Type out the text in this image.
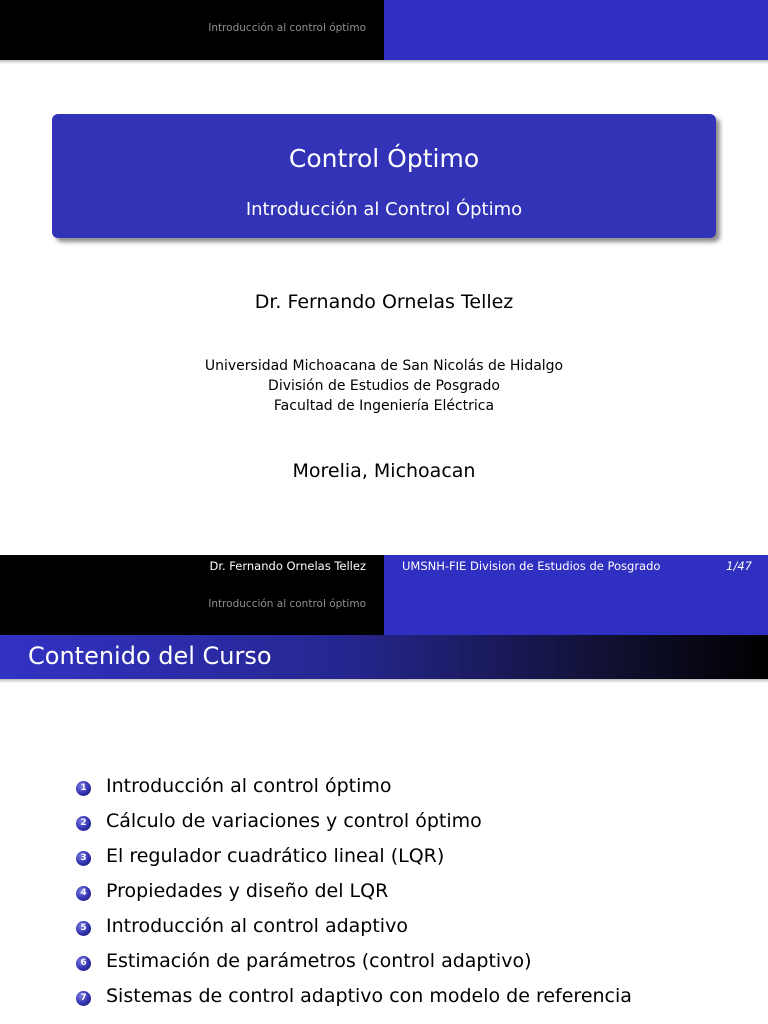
Introducción al control óptimo
Control Óptimo
Introducción al Control Óptimo
Dr. Fernando Ornelas Tellez
Universidad Michoacana de San Nicolás de Hidalgo
División de Estudios de Posgrado
Facultad de Ingeniería Eléctrica
Morelia, Michoacan
Dr. Fernando Ornelas Tellez
Introducción al control óptimo
UMSNH-FIE Division de Estudios de Posgrado	1/47
Contenido del Curso
1 Introducción al control óptimo
2 Cálculo de variaciones y control óptimo
3 El regulador cuadrático lineal (LQR)
4 Propiedades y diseño del LQR
5 Introducción al control adaptivo
6 Estimación de parámetros (control adaptivo)
7 Sistemas de control adaptivo con modelo de referencia
